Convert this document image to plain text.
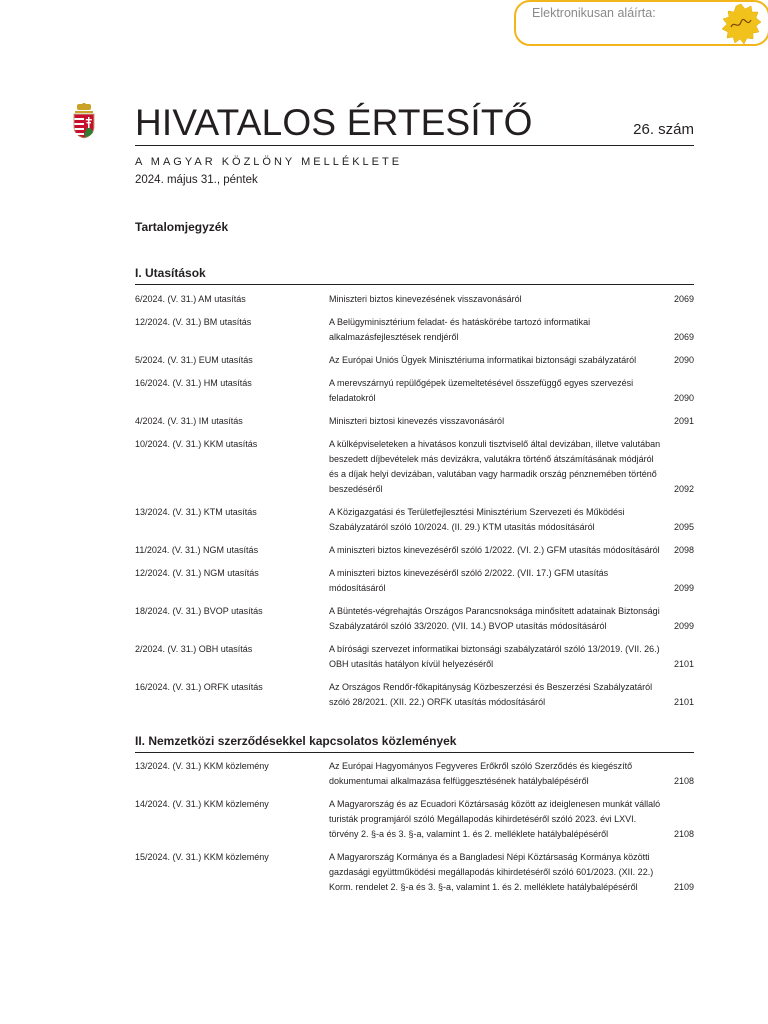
Elektronikusan aláírta:
HIVATALOS ÉRTESÍTŐ	26. szám
A MAGYAR KÖZLÖNY MELLÉKLETE
2024. május 31., péntek
Tartalomjegyzék
I. Utasítások
6/2024. (V. 31.) AM utasítás	Miniszteri biztos kinevezésének visszavonásáról	2069
12/2024. (V. 31.) BM utasítás	A Belügyminisztérium feladat- és hatáskörébe tartozó informatikai alkalmazásfejlesztések rendjéről	2069
5/2024. (V. 31.) EUM utasítás	Az Európai Uniós Ügyek Minisztériuma informatikai biztonsági szabályzatáról	2090
16/2024. (V. 31.) HM utasítás	A merevszárnyú repülőgépek üzemeltetésével összefüggő egyes szervezési feladatokról	2090
4/2024. (V. 31.) IM utasítás	Miniszteri biztosi kinevezés visszavonásáról	2091
10/2024. (V. 31.) KKM utasítás	A külképviseleteken a hivatásos konzuli tisztviselő által devizában, illetve valutában beszedett díjbevételek más devizákra, valutákra történő átszámításának módjáról és a díjak helyi devizában, valutában vagy harmadik ország pénznemében történő beszedéséről	2092
13/2024. (V. 31.) KTM utasítás	A Közigazgatási és Területfejlesztési Minisztérium Szervezeti és Működési Szabályzatáról szóló 10/2024. (II. 29.) KTM utasítás módosításáról	2095
11/2024. (V. 31.) NGM utasítás	A miniszteri biztos kinevezéséről szóló 1/2022. (VI. 2.) GFM utasítás módosításáról	2098
12/2024. (V. 31.) NGM utasítás	A miniszteri biztos kinevezéséről szóló 2/2022. (VII. 17.) GFM utasítás módosításáról	2099
18/2024. (V. 31.) BVOP utasítás	A Büntetés-végrehajtás Országos Parancsnoksága minősített adatainak Biztonsági Szabályzatáról szóló 33/2020. (VII. 14.) BVOP utasítás módosításáról	2099
2/2024. (V. 31.) OBH utasítás	A bírósági szervezet informatikai biztonsági szabályzatáról szóló 13/2019. (VII. 26.) OBH utasítás hatályon kívül helyezéséről	2101
16/2024. (V. 31.) ORFK utasítás	Az Országos Rendőr-főkapitányság Közbeszerzési és Beszerzési Szabályzatáról szóló 28/2021. (XII. 22.) ORFK utasítás módosításáról	2101
II. Nemzetközi szerződésekkel kapcsolatos közlemények
13/2024. (V. 31.) KKM közlemény	Az Európai Hagyományos Fegyveres Erőkről szóló Szerződés és kiegészítő dokumentumai alkalmazása felfüggesztésének hatálybalépéséről	2108
14/2024. (V. 31.) KKM közlemény	A Magyarország és az Ecuadori Köztársaság között az ideiglenesen munkát vállaló turisták programjáról szóló Megállapodás kihirdetéséről szóló 2023. évi LXVI. törvény 2. §-a és 3. §-a, valamint 1. és 2. melléklete hatálybalépéséről	2108
15/2024. (V. 31.) KKM közlemény	A Magyarország Kormánya és a Bangladesi Népi Köztársaság Kormánya közötti gazdasági együttműködési megállapodás kihirdetéséről szóló 601/2023. (XII. 22.) Korm. rendelet 2. §-a és 3. §-a, valamint 1. és 2. melléklete hatálybalépéséről	2109
